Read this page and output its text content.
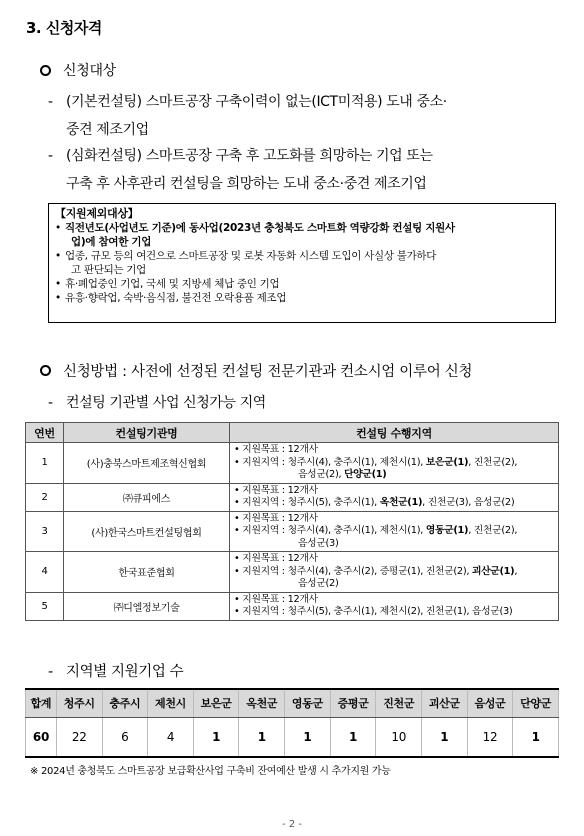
3. 신청자격
신청대상
- (기본컨설팅) 스마트공장 구축이력이 없는(ICT미적용) 도내 중소·
중견 제조기업
- (심화컨설팅) 스마트공장 구축 후 고도화를 희망하는 기업 또는
구축 후 사후관리 컨설팅을 희망하는 도내 중소·중견 제조기업
【지원제외대상】
• 직전년도(사업년도 기준)에 동사업(2023년 충청북도 스마트화 역량강화 컨설팅 지원사
업)에 참여한 기업
• 업종, 규모 등의 여건으로 스마트공장 및 로봇 자동화 시스템 도입이 사실상 불가하다
고 판단되는 기업
• 휴·폐업중인 기업, 국세 및 지방세 체납 중인 기업
• 유흥·향락업, 숙박·음식점, 불건전 오락용품 제조업
신청방법 : 사전에 선정된 컨설팅 전문기관과 컨소시엄 이루어 신청
- 컨설팅 기관별 사업 신청가능 지역
연번	컨설팅기관명	컨설팅 수행지역
1	(사)충북스마트제조혁신협회	• 지원목표 : 12개사
• 지원지역 : 청주시(4), 충주시(1), 제천시(1), 보은군(1), 진천군(2),
음성군(2), 단양군(1)

2	㈜큐피에스	• 지원목표 : 12개사
• 지원지역 : 청주시(5), 충주시(1), 옥천군(1), 진천군(3), 음성군(2)

3	(사)한국스마트컨설팅협회	• 지원목표 : 12개사
• 지원지역 : 청주시(4), 충주시(1), 제천시(1), 영동군(1), 진천군(2),
음성군(3)

4	한국표준협회	• 지원목표 : 12개사
• 지원지역 : 청주시(4), 충주시(2), 증평군(1), 진천군(2), 괴산군(1),
음성군(2)

5	㈜디엘정보기술	• 지원목표 : 12개사
• 지원지역 : 청주시(5), 충주시(1), 제천시(2), 진천군(1), 음성군(3)
- 지역별 지원기업 수
합계	청주시	충주시	제천시	보은군	옥천군	영동군	증평군	진천군	괴산군	음성군	단양군
60	22	6	4	1	1	1	1	10	1	12	1
※ 2024년 충청북도 스마트공장 보급확산사업 구축비 잔여예산 발생 시 추가지원 가능
- 2 -
